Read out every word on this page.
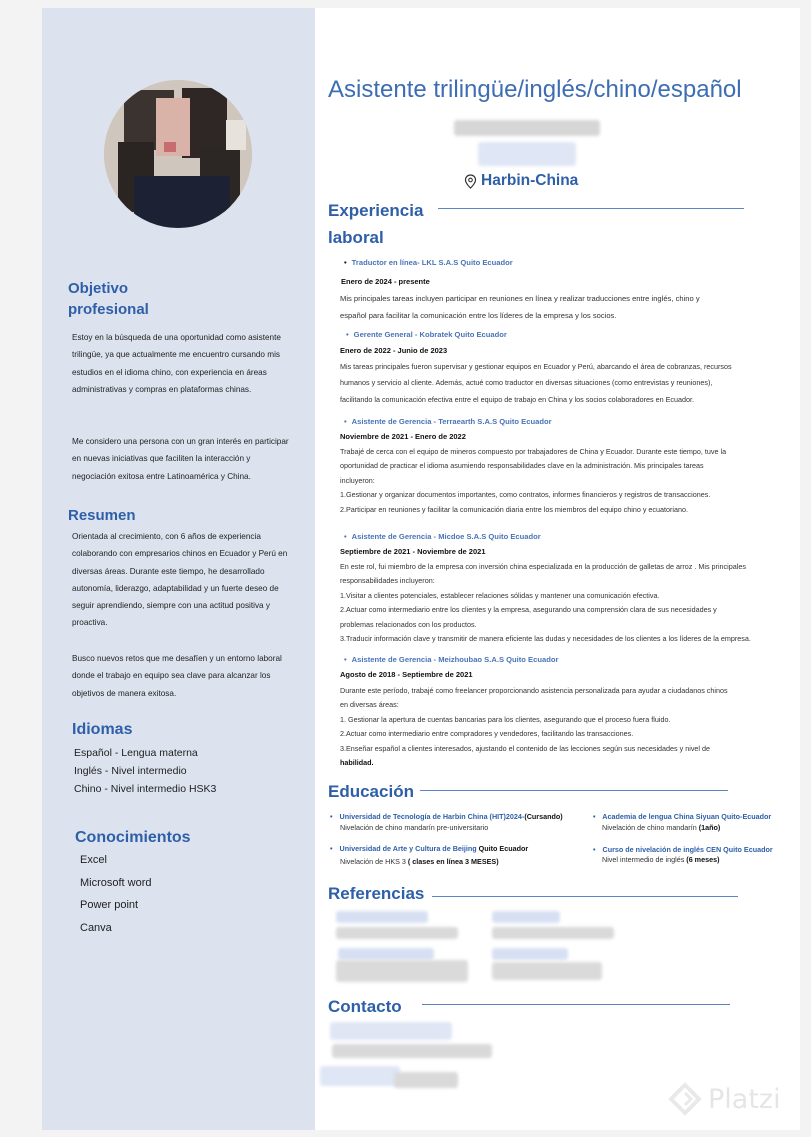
Objetivo profesional
Estoy en la búsqueda de una oportunidad como asistente trilingüe, ya que actualmente me encuentro cursando mis estudios en el idioma chino, con experiencia en áreas administrativas y compras en plataformas chinas.
Me considero una persona con un gran interés en participar en nuevas iniciativas que faciliten la interacción y negociación exitosa entre Latinoamérica y China.
Resumen
Orientada al crecimiento, con 6 años de experiencia colaborando con empresarios chinos en Ecuador y Perú en diversas áreas. Durante este tiempo, he desarrollado autonomía, liderazgo, adaptabilidad y un fuerte deseo de seguir aprendiendo, siempre con una actitud positiva y proactiva.
Busco nuevos retos que me desafíen y un entorno laboral donde el trabajo en equipo sea clave para alcanzar los objetivos de manera exitosa.
Idiomas
Español - Lengua materna
Inglés - Nivel intermedio
Chino - Nivel intermedio HSK3
Conocimientos
Excel
Microsoft word
Power point
Canva
Asistente trilingüe/inglés/chino/español
Harbin-China
Experiencia laboral
• Traductor en línea- LKL S.A.S Quito Ecuador
Enero de 2024 - presente
Mis principales tareas incluyen participar en reuniones en línea y realizar traducciones entre inglés, chino y
español para facilitar la comunicación entre los líderes de la empresa y los socios.
• Gerente General - Kobratek Quito Ecuador
Enero de 2022 - Junio de 2023
Mis tareas principales fueron supervisar y gestionar equipos en Ecuador y Perú, abarcando el área de cobranzas, recursos
humanos y servicio al cliente. Además, actué como traductor en diversas situaciones (como entrevistas y reuniones),
facilitando la comunicación efectiva entre el equipo de trabajo en China y los socios colaboradores en Ecuador.
• Asistente de Gerencia - Terraearth S.A.S Quito Ecuador
Noviembre de 2021 - Enero de 2022
Trabajé de cerca con el equipo de mineros compuesto por trabajadores de China y Ecuador. Durante este tiempo, tuve la
oportunidad de practicar el idioma asumiendo responsabilidades clave en la administración. Mis principales tareas
incluyeron:
1.Gestionar y organizar documentos importantes, como contratos, informes financieros y registros de transacciones.
2.Participar en reuniones y facilitar la comunicación diaria entre los miembros del equipo chino y ecuatoriano.
• Asistente de Gerencia - Micdoe S.A.S Quito Ecuador
Septiembre de 2021 - Noviembre de 2021
En este rol, fui miembro de la empresa con inversión china especializada en la producción de galletas de arroz . Mis principales
responsabilidades incluyeron:
1.Visitar a clientes potenciales, establecer relaciones sólidas y mantener una comunicación efectiva.
2.Actuar como intermediario entre los clientes y la empresa, asegurando una comprensión clara de sus necesidades y
problemas relacionados con los productos.
3.Traducir información clave y transmitir de manera eficiente las dudas y necesidades de los clientes a los líderes de la empresa.
• Asistente de Gerencia - Meizhoubao S.A.S Quito Ecuador
Agosto de 2018 - Septiembre de 2021
Durante este período, trabajé como freelancer proporcionando asistencia personalizada para ayudar a ciudadanos chinos
en diversas áreas:
1. Gestionar la apertura de cuentas bancarias para los clientes, asegurando que el proceso fuera fluido.
2.Actuar como intermediario entre compradores y vendedores, facilitando las transacciones.
3.Enseñar español a clientes interesados, ajustando el contenido de las lecciones según sus necesidades y nivel de
habilidad.
Educación
• Universidad de Tecnología de Harbin China (HIT)2024-(Cursando)
Nivelación de chino mandarín pre-universitario
• Academia de lengua China Siyuan Quito-Ecuador
Nivelación de chino mandarín (1año)
• Universidad de Arte y Cultura de Beijing Quito Ecuador
Nivelación de HKS 3 ( clases en línea 3 MESES)
• Curso de nivelación de inglés CEN Quito Ecuador
Nivel intermedio de inglés (6 meses)
Referencias
Contacto
Platzi
